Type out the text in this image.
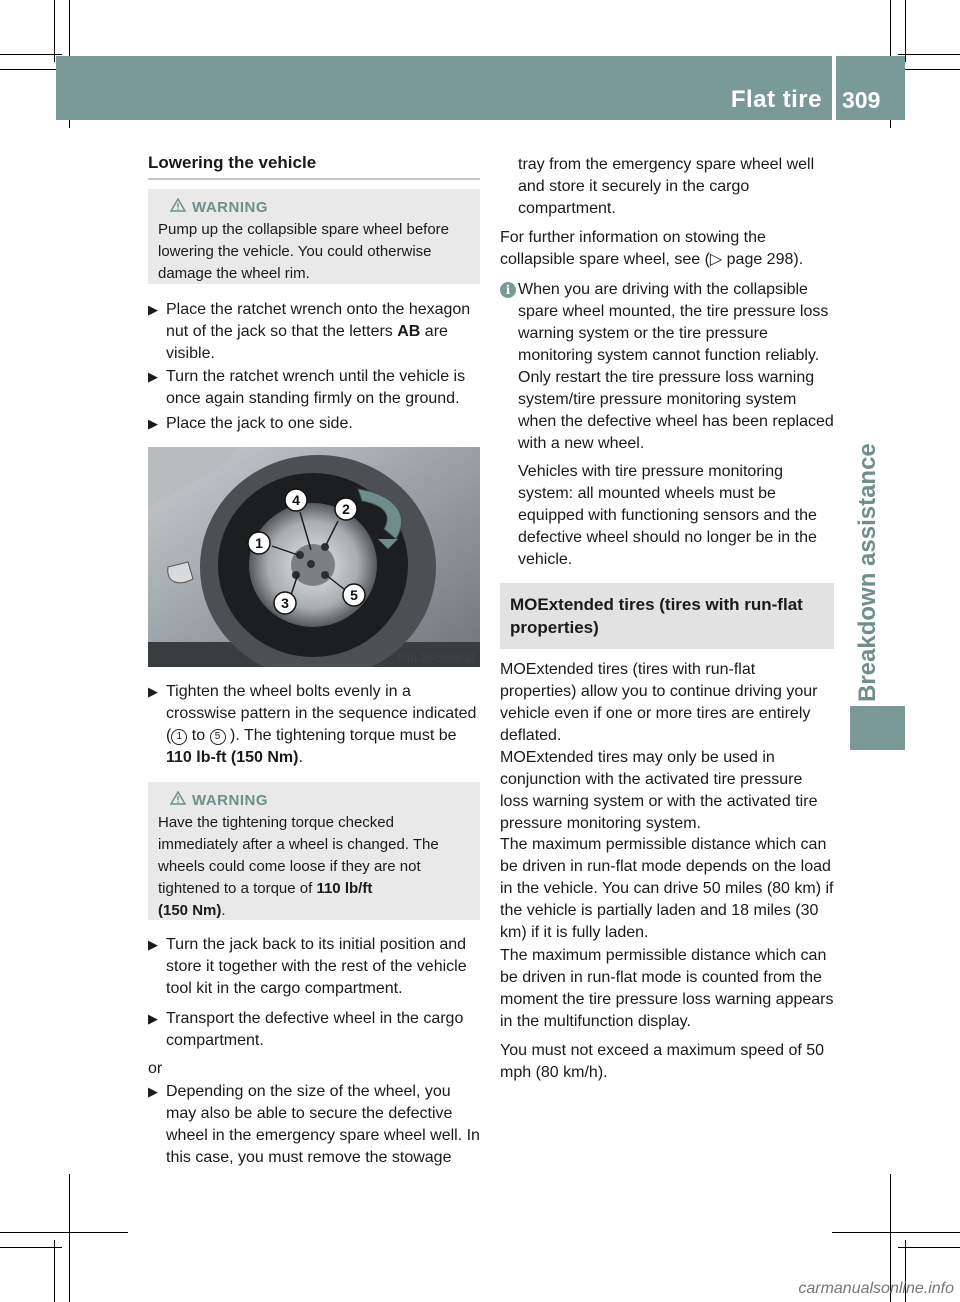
Flat tire 309
Breakdown assistance
Lowering the vehicle
WARNING
Pump up the collapsible spare wheel before lowering the vehicle. You could otherwise damage the wheel rim.
▶ Place the ratchet wrench onto the hexagon nut of the jack so that the letters AB are visible.
▶ Turn the ratchet wrench until the vehicle is once again standing firmly on the ground.
▶ Place the jack to one side.
1
2
3
4
5
P40.10-5893-31
▶ Tighten the wheel bolts evenly in a crosswise pattern in the sequence indicated ( 1 to 5 ). The tightening torque must be 110 lb-ft (150 Nm).
WARNING
Have the tightening torque checked immediately after a wheel is changed. The wheels could come loose if they are not tightened to a torque of 110 lb/ft
(150 Nm).
▶ Turn the jack back to its initial position and store it together with the rest of the vehicle tool kit in the cargo compartment.
▶ Transport the defective wheel in the cargo compartment.
or
▶ Depending on the size of the wheel, you may also be able to secure the defective wheel in the emergency spare wheel well. In this case, you must remove the stowage
tray from the emergency spare wheel well and store it securely in the cargo compartment.
For further information on stowing the collapsible spare wheel, see (▷ page 298).
i When you are driving with the collapsible spare wheel mounted, the tire pressure loss warning system or the tire pressure monitoring system cannot function reliably. Only restart the tire pressure loss warning system/tire pressure monitoring system when the defective wheel has been replaced with a new wheel.
Vehicles with tire pressure monitoring system: all mounted wheels must be equipped with functioning sensors and the defective wheel should no longer be in the vehicle.
MOExtended tires (tires with run-flat properties)
MOExtended tires (tires with run-flat properties) allow you to continue driving your vehicle even if one or more tires are entirely deflated.
MOExtended tires may only be used in conjunction with the activated tire pressure loss warning system or with the activated tire pressure monitoring system.
The maximum permissible distance which can be driven in run-flat mode depends on the load in the vehicle. You can drive 50 miles (80 km) if the vehicle is partially laden and 18 miles (30 km) if it is fully laden.
The maximum permissible distance which can be driven in run-flat mode is counted from the moment the tire pressure loss warning appears in the multifunction display.
You must not exceed a maximum speed of 50 mph (80 km/h).
carmanualsonline.info
